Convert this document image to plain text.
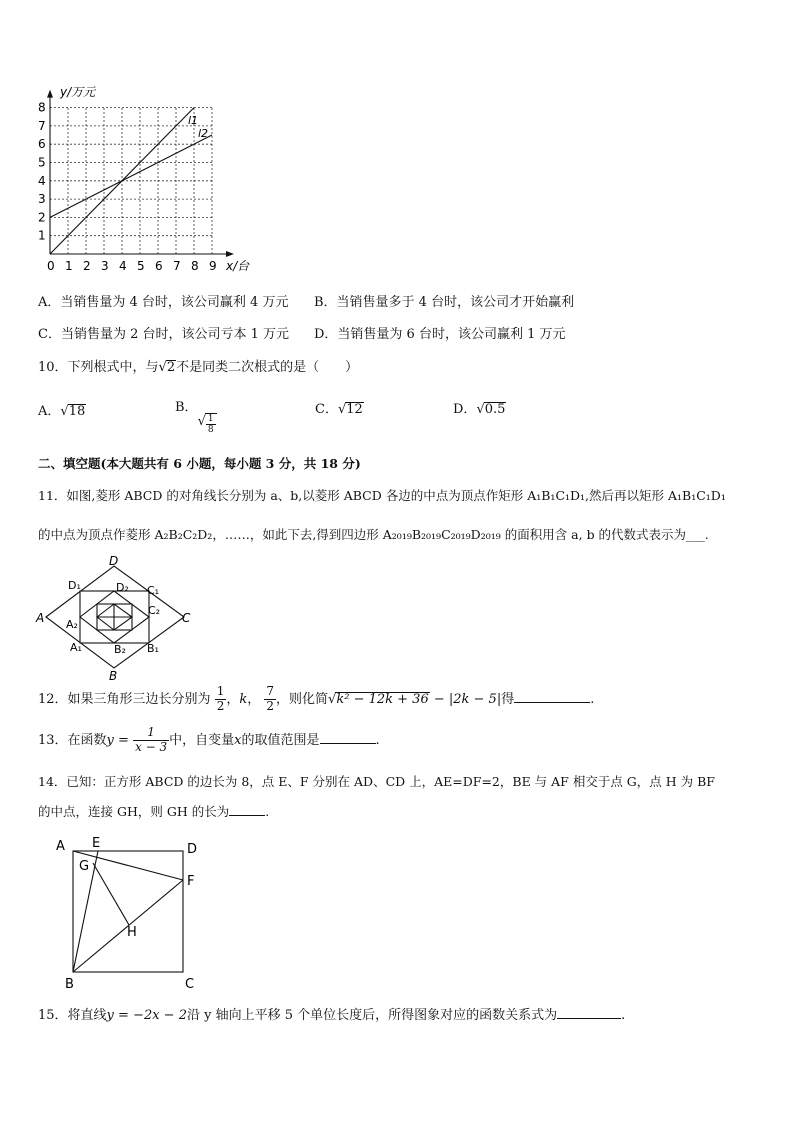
0 1 2 3 4 5 6 7 8 9
1
2
3
4
5
6
7
8
y/万元
x/台
l1
l2
A．当销售量为 4 台时，该公司赢利 4 万元 B．当销售量多于 4 台时，该公司才开始赢利
C．当销售量为 2 台时，该公司亏本 1 万元 D．当销售量为 6 台时，该公司赢利 1 万元
10．下列根式中，与√2不是同类二次根式的是（　　）
A．√18	B．√ $\frac{1}{8}$
C．√12	D．√0.5
二、填空题(本大题共有 6 小题，每小题 3 分，共 18 分)
11．如图,菱形 ABCD 的对角线长分别为 a、b,以菱形 ABCD 各边的中点为顶点作矩形 A₁B₁C₁D₁,然后再以矩形 A₁B₁C₁D₁
的中点为顶点作菱形 A₂B₂C₂D₂，……，如此下去,得到四边形 A₂₀₁₉B₂₀₁₉C₂₀₁₉D₂₀₁₉ 的面积用含 a, b 的代数式表示为___.
D
A	C
B
D₁	D₂ C₁
C₂
A₂
A₁	B₂ B₁
12．如果三角形三边长分别为 $\frac{1}{2}$ ，k， $\frac{7}{2}$ ，则化简√k² − 12k + 36 − |2k − 5|得	.
13．在函数$y = \frac{1}{x - 3}$ 中，自变量x的取值范围是	.
14．已知：正方形 ABCD 的边长为 8，点 E、F 分别在 AD、CD 上，AE=DF=2，BE 与 AF 相交于点 G，点 H 为 BF
的中点，连接 GH，则 GH 的长为	.
A E	D
G
F
H
B	C
15．将直线y = −2x − 2沿 y 轴向上平移 5 个单位长度后，所得图象对应的函数关系式为	.
